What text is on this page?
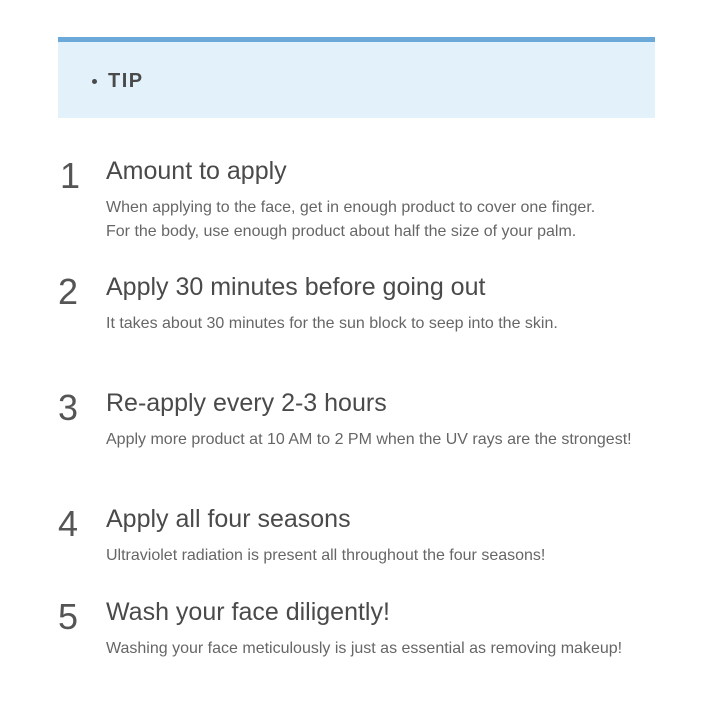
TIP
1 Amount to apply
When applying to the face, get in enough product to cover one finger.
For the body, use enough product about half the size of your palm.
2 Apply 30 minutes before going out
It takes about 30 minutes for the sun block to seep into the skin.
3 Re-apply every 2-3 hours
Apply more product at 10 AM to 2 PM when the UV rays are the strongest!
4 Apply all four seasons
Ultraviolet radiation is present all throughout the four seasons!
5 Wash your face diligently!
Washing your face meticulously is just as essential as removing makeup!
